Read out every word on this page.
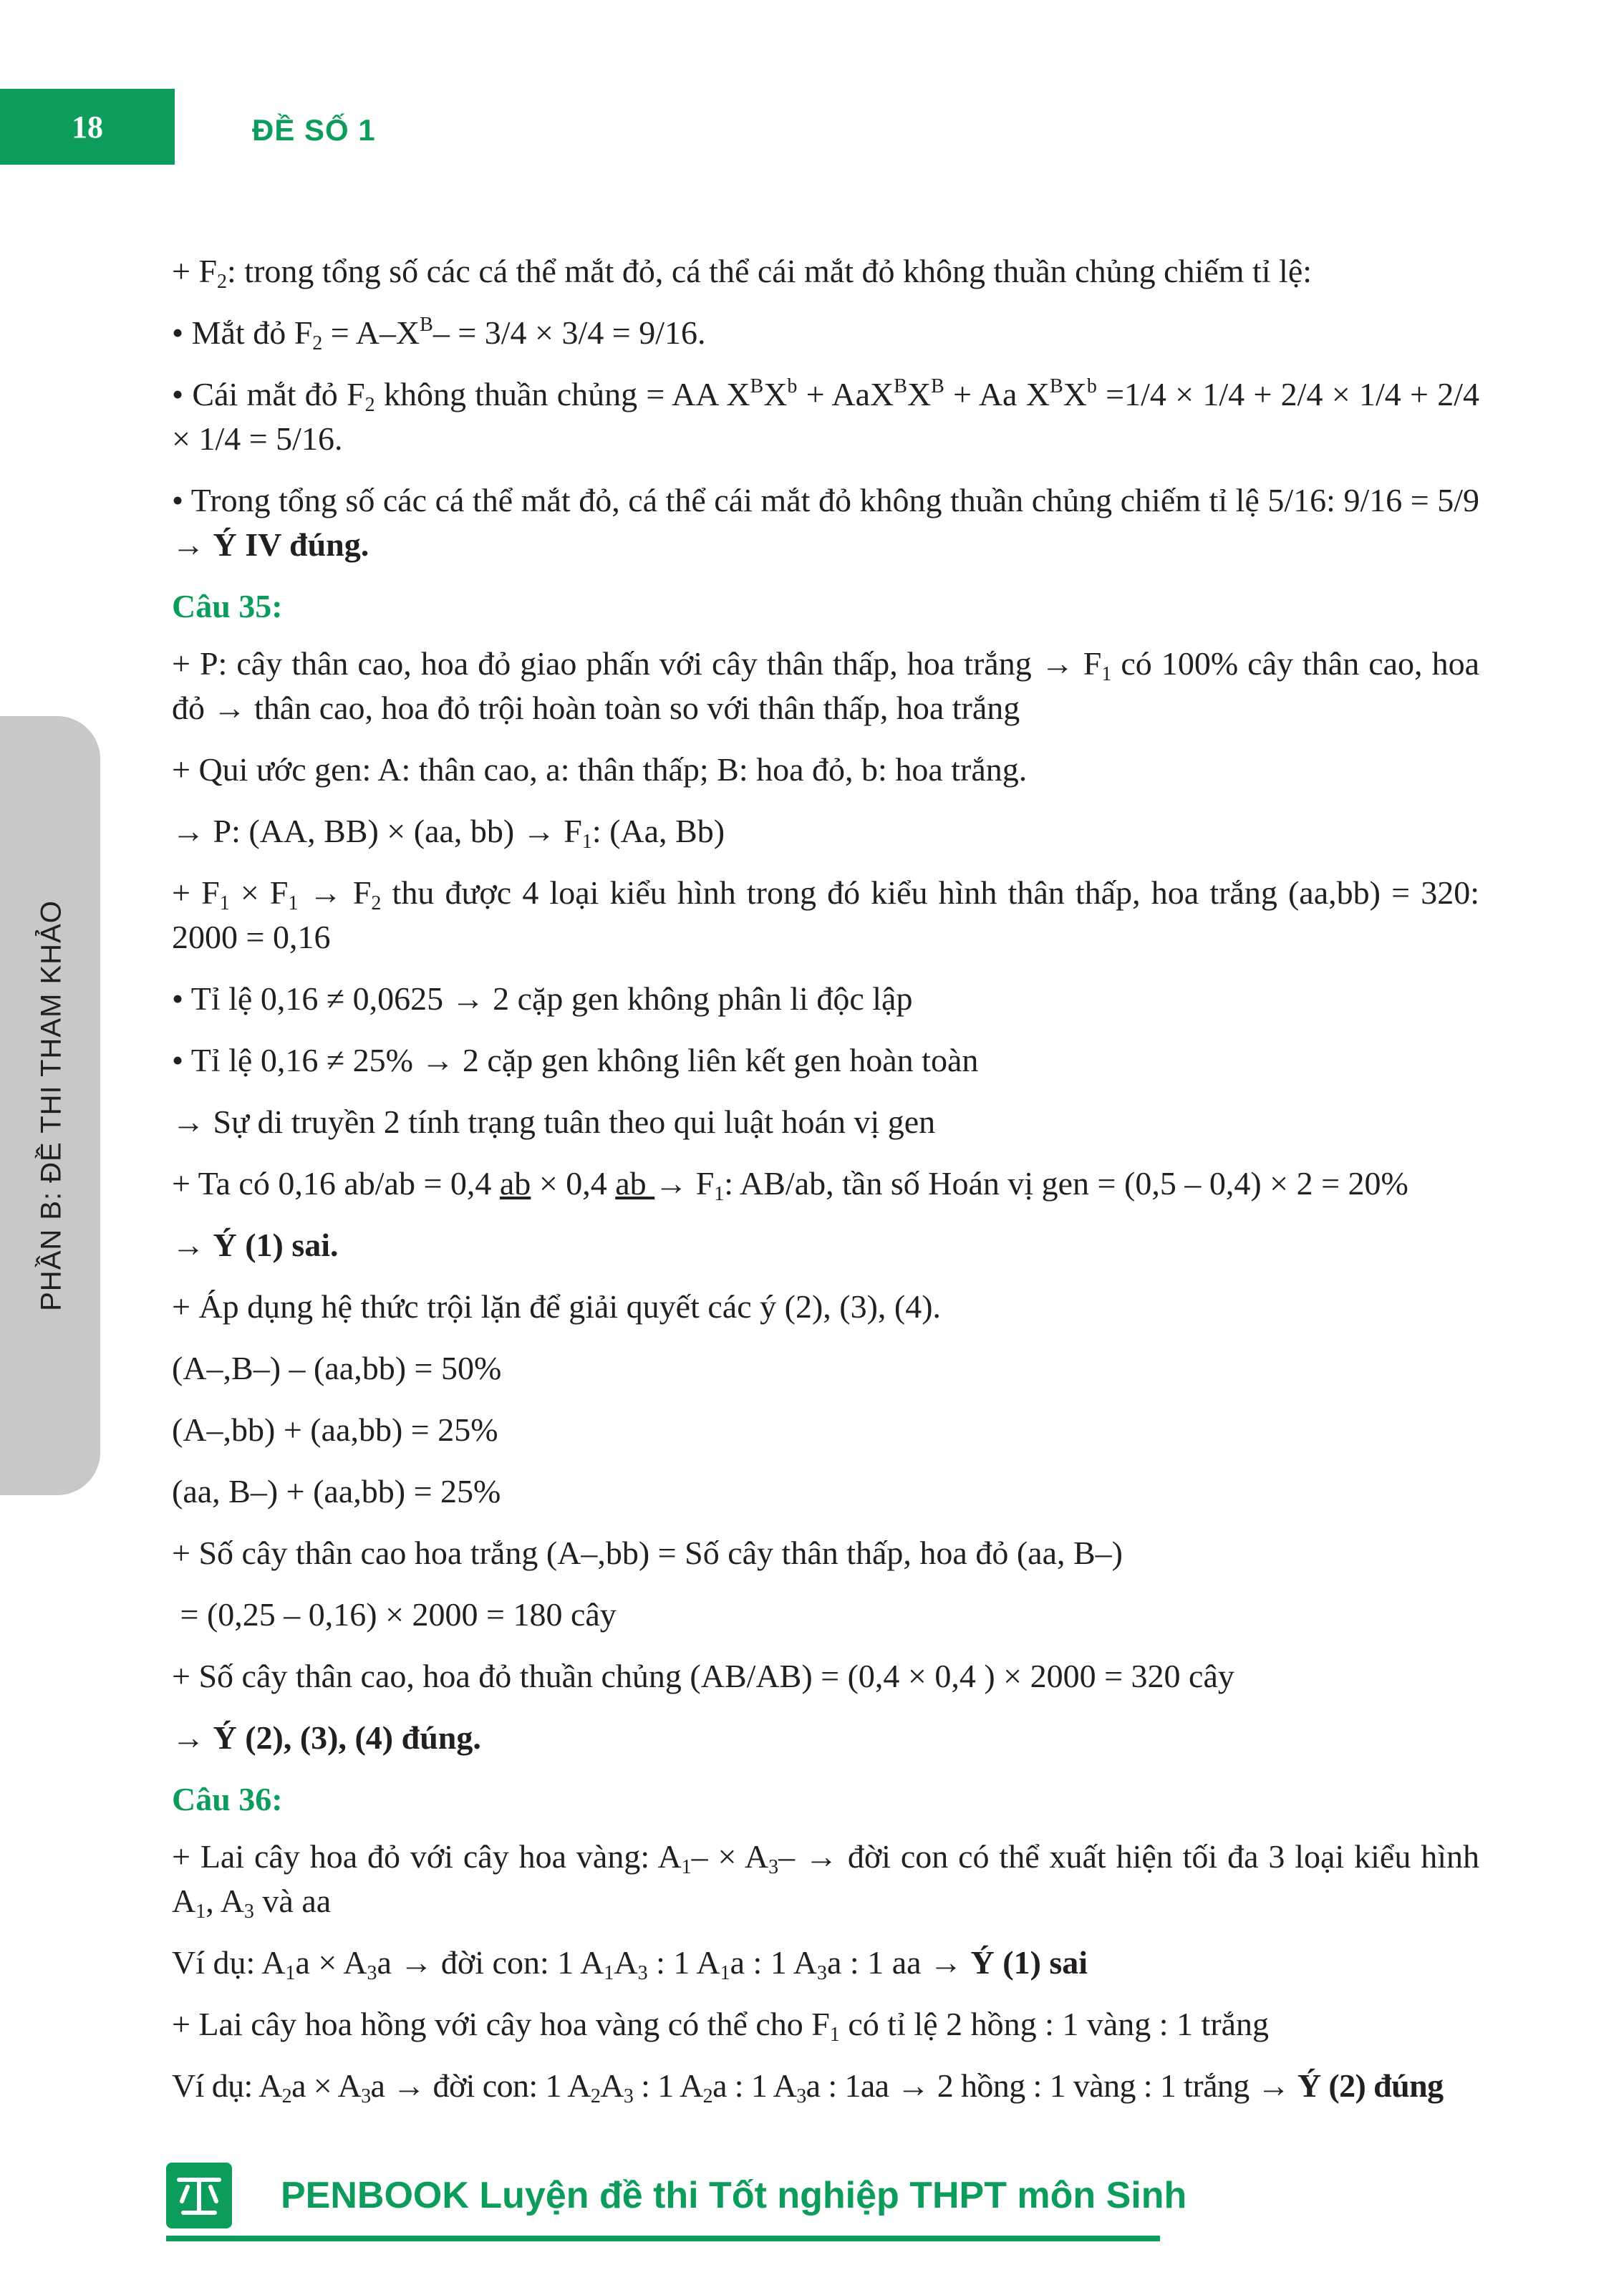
18	ĐỀ SỐ 1
PHẦN B: ĐỀ THI THAM KHẢO

+ $F_2$: trong tổng số các cá thể mắt đỏ, cá thể cái mắt đỏ không thuần chủng chiếm tỉ lệ:

• Mắt đỏ $F_2 = A-X^B- = 3/4 \times 3/4 = 9/16$.

• Cái mắt đỏ $F_2$ không thuần chủng = AA $X^BX^b + AaX^BX^B + Aa$ $X^BX^b =1/4 \times 1/4 + 2/4 \times 1/4 + 2/4 \times 1/4 = 5/16$.

• Trong tổng số các cá thể mắt đỏ, cá thể cái mắt đỏ không thuần chủng chiếm tỉ lệ 5/16: 9/16 = 5/9 → Ý IV đúng.

Câu 35:

+ P: cây thân cao, hoa đỏ giao phấn với cây thân thấp, hoa trắng → $F_1$ có 100% cây thân cao, hoa đỏ → thân cao, hoa đỏ trội hoàn toàn so với thân thấp, hoa trắng

+ Qui ước gen: A: thân cao, a: thân thấp; B: hoa đỏ, b: hoa trắng.

→ P: (AA, BB) × (aa, $bb) \to F_1$: (Aa, Bb)

+ $F_1 \times F_1 \to F_2$ thu được 4 loại kiểu hình trong đó kiểu hình thân thấp, hoa trắng (aa,bb) = 320: 2000 = 0,16

• Tỉ lệ 0,16 ≠ 0,0625 → 2 cặp gen không phân li độc lập

• Tỉ lệ 0,16 ≠ 25% → 2 cặp gen không liên kết gen hoàn toàn

→ Sự di truyền 2 tính trạng tuân theo qui luật hoán vị gen

+ Ta có 0,16 ab/ab = 0,4 ab × 0,4 ab → $F_1$: AB/ab, tần số Hoán vị gen = (0,5 – 0,4) × 2 = 20%

→ Ý (1) sai.

+ Áp dụng hệ thức trội lặn để giải quyết các ý (2), (3), (4).

(A–,B–) – (aa,bb) = 50%

(A–,bb) + (aa,bb) = 25%

(aa, B–) + (aa,bb) = 25%

+ Số cây thân cao hoa trắng (A–,bb) = Số cây thân thấp, hoa đỏ (aa, B–)

= (0,25 – 0,16) × 2000 = 180 cây

+ Số cây thân cao, hoa đỏ thuần chủng (AB/AB) = (0,4 × 0,4 ) × 2000 = 320 cây

→ Ý (2), (3), (4) đúng.

Câu 36:

+ Lai cây hoa đỏ với cây hoa vàng: $A_1- \times A_3-$ → đời con có thể xuất hiện tối đa 3 loại kiểu hình $A_1$, $A_3$ và aa

Ví dụ: $A_1a \times A_3a$ → đời con: 1 $A_1A_3$ : 1 $A_1a$ : 1 $A_3a$ : 1 aa → Ý (1) sai

+ Lai cây hoa hồng với cây hoa vàng có thể cho $F_1$ có tỉ lệ 2 hồng : 1 vàng : 1 trắng

Ví dụ: $A_2a \times A_3a$ → đời con: 1 $A_2A_3$ : 1 $A_2a$ : 1 $A_3a$ : 1aa → 2 hồng : 1 vàng : 1 trắng → Ý (2) đúng

PENBOOK Luyện đề thi Tốt nghiệp THPT môn Sinh
